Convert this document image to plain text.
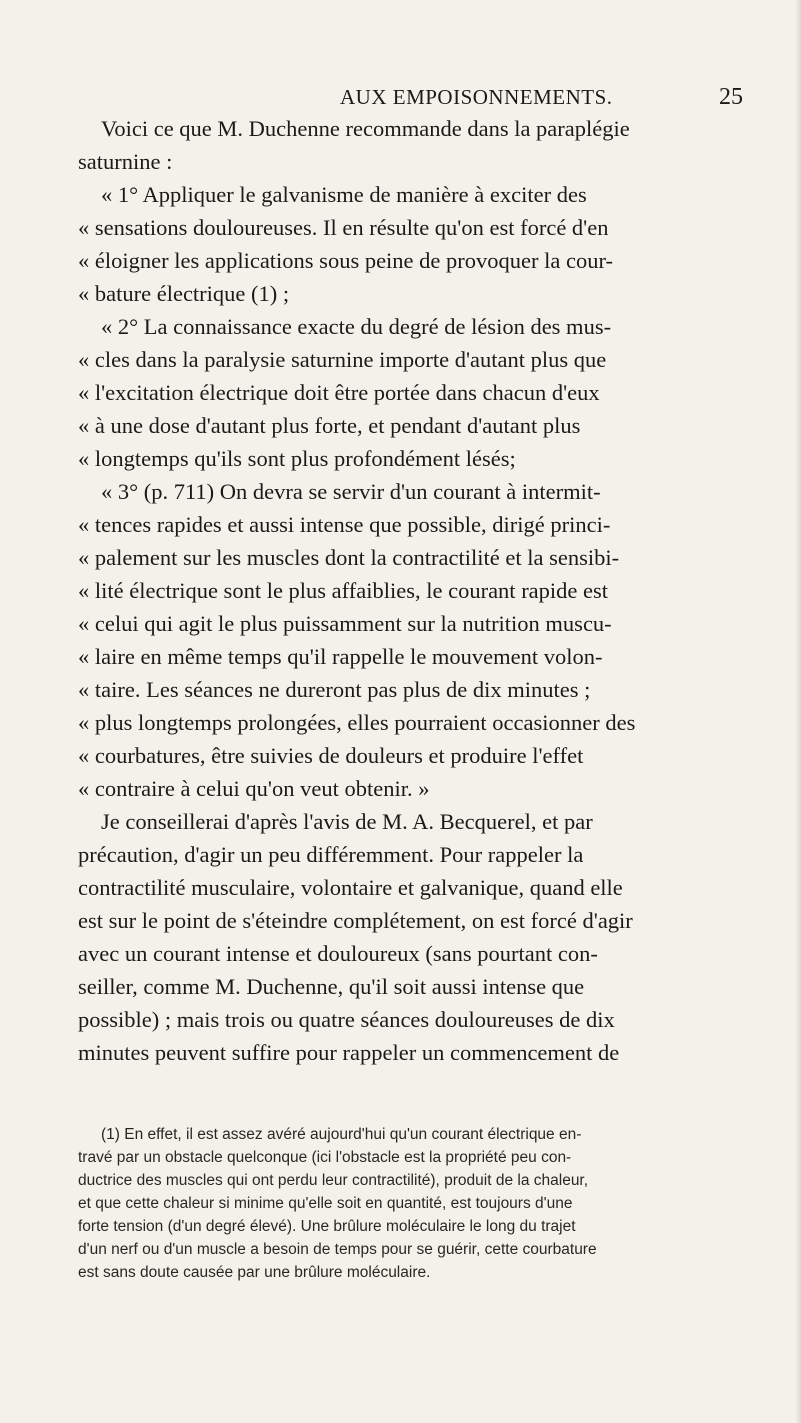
AUX EMPOISONNEMENTS.	25
Voici ce que M. Duchenne recommande dans la paraplégie
saturnine :
« 1° Appliquer le galvanisme de manière à exciter des
« sensations douloureuses. Il en résulte qu'on est forcé d'en
« éloigner les applications sous peine de provoquer la cour-
« bature électrique (1) ;
« 2° La connaissance exacte du degré de lésion des mus-
« cles dans la paralysie saturnine importe d'autant plus que
« l'excitation électrique doit être portée dans chacun d'eux
« à une dose d'autant plus forte, et pendant d'autant plus
« longtemps qu'ils sont plus profondément lésés;
« 3° (p. 711) On devra se servir d'un courant à intermit-
« tences rapides et aussi intense que possible, dirigé princi-
« palement sur les muscles dont la contractilité et la sensibi-
« lité électrique sont le plus affaiblies, le courant rapide est
« celui qui agit le plus puissamment sur la nutrition muscu-
« laire en même temps qu'il rappelle le mouvement volon-
« taire. Les séances ne dureront pas plus de dix minutes ;
« plus longtemps prolongées, elles pourraient occasionner des
« courbatures, être suivies de douleurs et produire l'effet
« contraire à celui qu'on veut obtenir. »
Je conseillerai d'après l'avis de M. A. Becquerel, et par
précaution, d'agir un peu différemment. Pour rappeler la
contractilité musculaire, volontaire et galvanique, quand elle
est sur le point de s'éteindre complétement, on est forcé d'agir
avec un courant intense et douloureux (sans pourtant con-
seiller, comme M. Duchenne, qu'il soit aussi intense que
possible) ; mais trois ou quatre séances douloureuses de dix
minutes peuvent suffire pour rappeler un commencement de
(1) En effet, il est assez avéré aujourd'hui qu'un courant électrique en-
travé par un obstacle quelconque (ici l'obstacle est la propriété peu con-
ductrice des muscles qui ont perdu leur contractilité), produit de la chaleur,
et que cette chaleur si minime qu'elle soit en quantité, est toujours d'une
forte tension (d'un degré élevé). Une brûlure moléculaire le long du trajet
d'un nerf ou d'un muscle a besoin de temps pour se guérir, cette courbature
est sans doute causée par une brûlure moléculaire.
